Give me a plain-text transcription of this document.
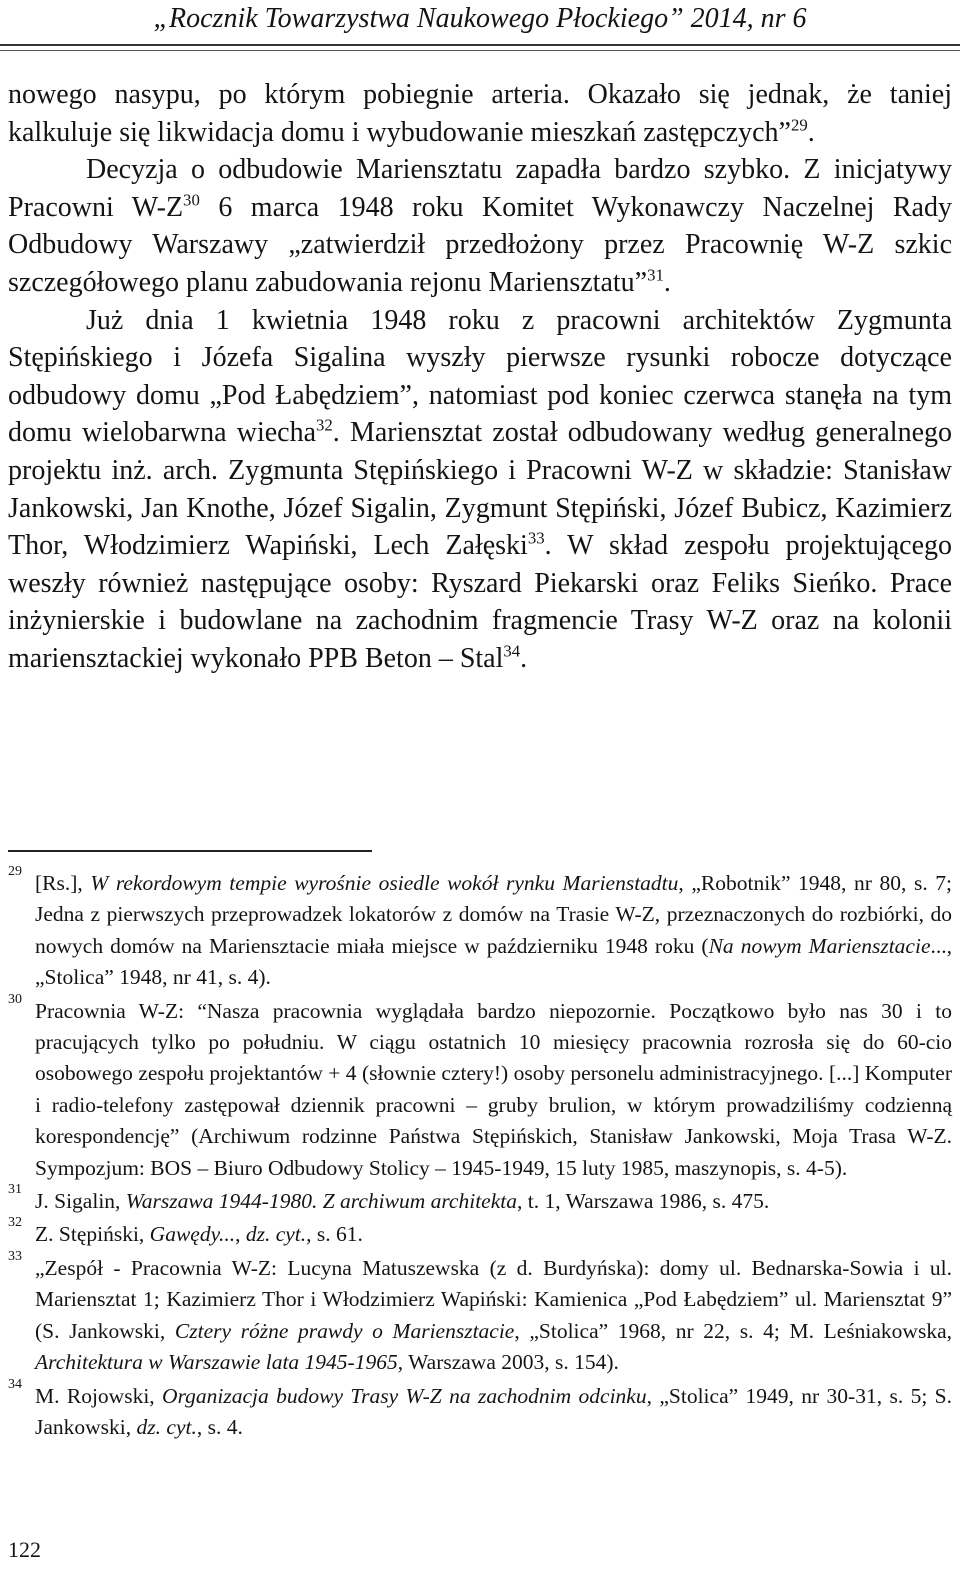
„Rocznik Towarzystwa Naukowego Płockiego” 2014, nr 6

nowego nasypu, po którym pobiegnie arteria. Okazało się jednak, że taniej kalkuluje się likwidacja domu i wybudowanie mieszkań zastępczych”$^{29}$.

Decyzja o odbudowie Mariensztatu zapadła bardzo szybko. Z inicjatywy Pracowni $W-Z^{30}$ 6 marca 1948 roku Komitet Wykonawczy Naczelnej Rady Odbudowy Warszawy „zatwierdził przedłożony przez Pracownię W-Z szkic szczegółowego planu zabudowania rejonu Mariensztatu”$^{31}$.

Już dnia 1 kwietnia 1948 roku z pracowni architektów Zygmunta Stępińskiego i Józefa Sigalina wyszły pierwsze rysunki robocze dotyczące odbudowy domu „Pod Łabędziem”, natomiast pod koniec czerwca stanęła na tym domu wielobarwna wiecha$^{32}$. Mariensztat został odbudowany według generalnego projektu inż. arch. Zygmunta Stępińskiego i Pracowni W-Z w składzie: Stanisław Jankowski, Jan Knothe, Józef Sigalin, Zygmunt Stępiński, Józef Bubicz, Kazimierz Thor, Włodzimierz Wapiński, Lech Załęski$^{33}$. W skład zespołu projektującego weszły również następujące osoby: Ryszard Piekarski oraz Feliks Sieńko. Prace inżynierskie i budowlane na zachodnim fragmencie Trasy W-Z oraz na kolonii mariensztackiej wykonało PPB Beton – Stal$^{34}$.

29 [Rs.], W rekordowym tempie wyrośnie osiedle wokół rynku Marienstadtu, „Robotnik” 1948, nr 80, s. 7; Jedna z pierwszych przeprowadzek lokatorów z domów na Trasie W-Z, przeznaczonych do rozbiórki, do nowych domów na Mariensztacie miała miejsce w październiku 1948 roku (Na nowym Mariensztacie..., „Stolica” 1948, nr 41, s. 4).
30 Pracownia W-Z: “Nasza pracownia wyglądała bardzo niepozornie. Początkowo było nas 30 i to pracujących tylko po południu. W ciągu ostatnich 10 miesięcy pracownia rozrosła się do 60-cio osobowego zespołu projektantów + 4 (słownie cztery!) osoby personelu administracyjnego. [...] Komputer i radio-telefony zastępował dziennik pracowni – gruby brulion, w którym prowadziliśmy codzienną korespondencję” (Archiwum rodzinne Państwa Stępińskich, Stanisław Jankowski, Moja Trasa W-Z. Sympozjum: BOS – Biuro Odbudowy Stolicy – 1945-1949, 15 luty 1985, maszynopis, s. 4-5).
31 J. Sigalin, Warszawa 1944-1980. Z archiwum architekta, t. 1, Warszawa 1986, s. 475.
32 Z. Stępiński, Gawędy..., dz. cyt., s. 61.
33 „Zespół - Pracownia W-Z: Lucyna Matuszewska (z d. Burdyńska): domy ul. Bednarska-Sowia i ul. Mariensztat 1; Kazimierz Thor i Włodzimierz Wapiński: Kamienica „Pod Łabędziem” ul. Mariensztat 9” (S. Jankowski, Cztery różne prawdy o Mariensztacie, „Stolica” 1968, nr 22, s. 4; M. Leśniakowska, Architektura w Warszawie lata 1945-1965, Warszawa 2003, s. 154).
34 M. Rojowski, Organizacja budowy Trasy W-Z na zachodnim odcinku, „Stolica” 1949, nr 30-31, s. 5; S. Jankowski, dz. cyt., s. 4.
122
